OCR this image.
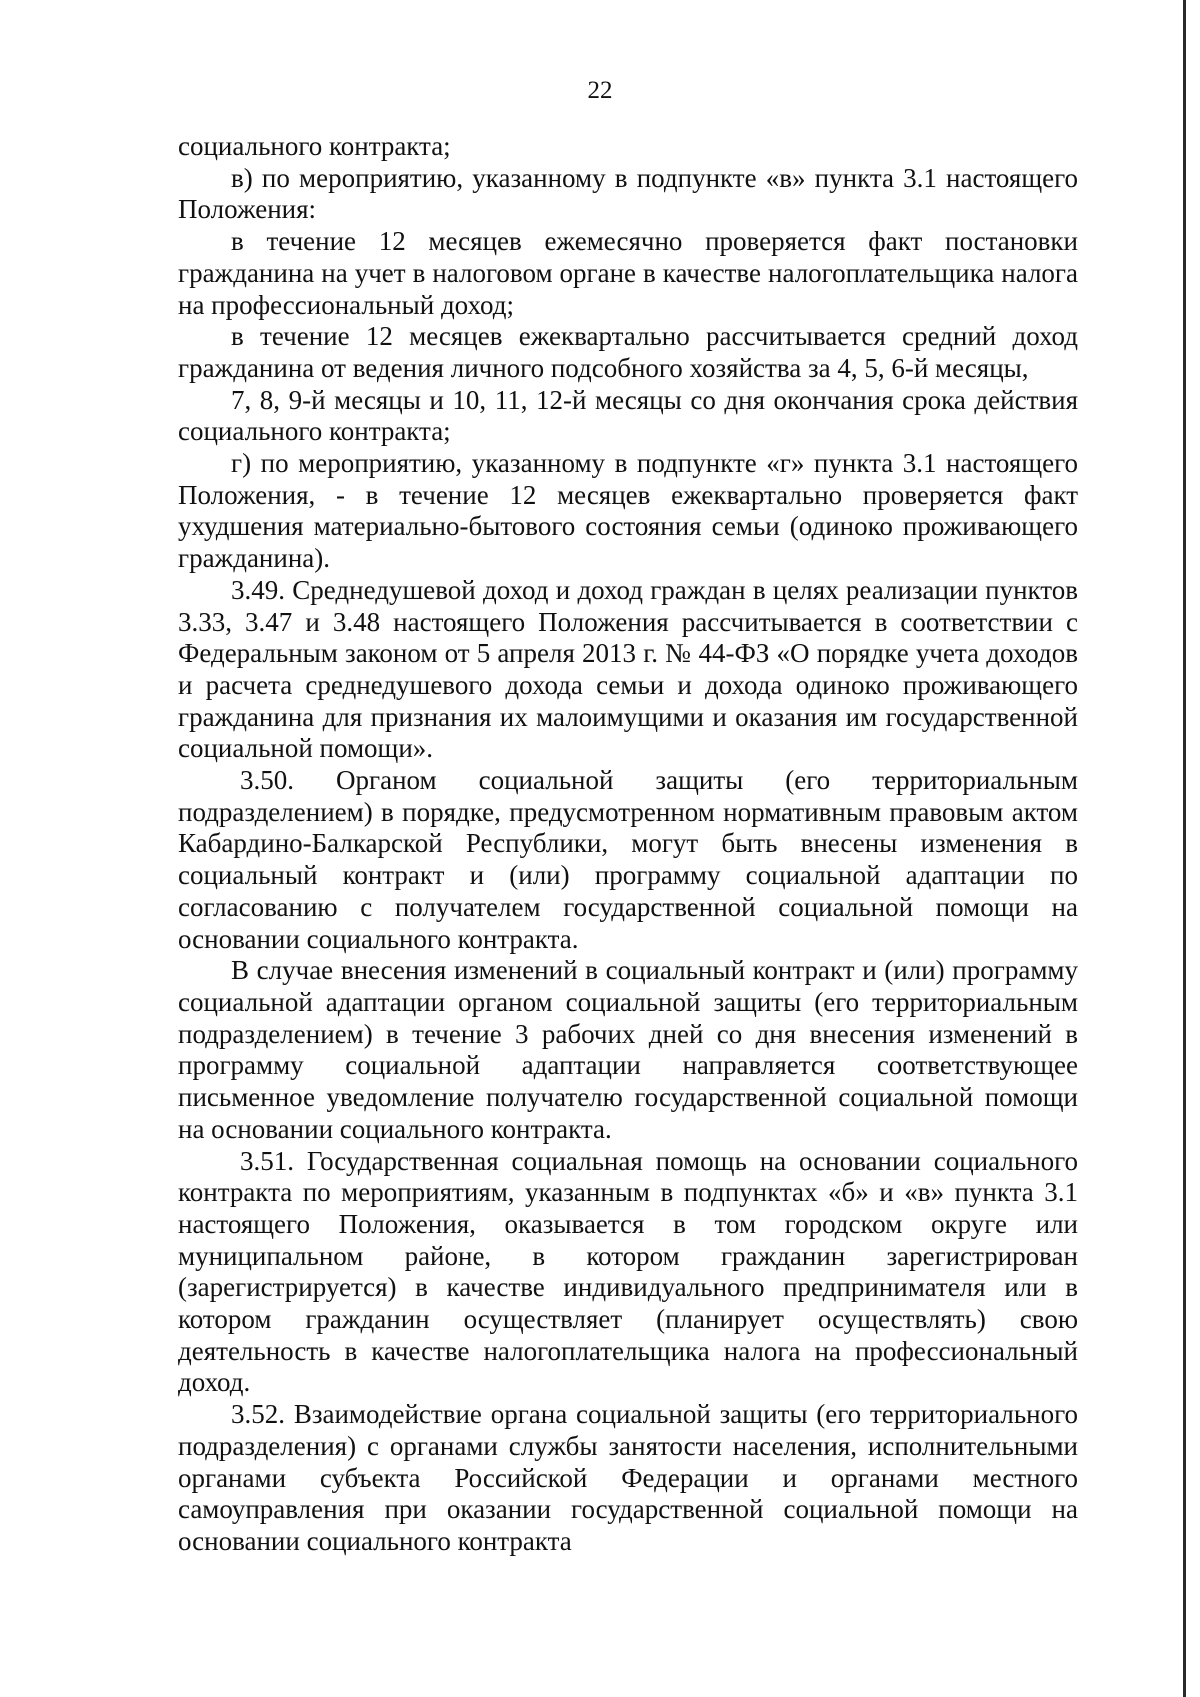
22

социального контракта;

в) по мероприятию, указанному в подпункте «в» пункта 3.1 настоящего Положения:

в течение 12 месяцев ежемесячно проверяется факт постановки гражданина на учет в налоговом органе в качестве налогоплательщика налога на профессиональный доход;

в течение 12 месяцев ежеквартально рассчитывается средний доход гражданина от ведения личного подсобного хозяйства за 4, 5, 6-й месяцы,

7, 8, 9-й месяцы и 10, 11, 12-й месяцы со дня окончания срока действия социального контракта;

г) по мероприятию, указанному в подпункте «г» пункта 3.1 настоящего Положения, - в течение 12 месяцев ежеквартально проверяется факт ухудшения материально-бытового состояния семьи (одиноко проживающего гражданина).

3.49. Среднедушевой доход и доход граждан в целях реализации пунктов 3.33, 3.47 и 3.48 настоящего Положения рассчитывается в соответствии с Федеральным законом от 5 апреля 2013 г. № 44-ФЗ «О порядке учета доходов и расчета среднедушевого дохода семьи и дохода одиноко проживающего гражданина для признания их малоимущими и оказания им государственной социальной помощи».

3.50. Органом социальной защиты (его территориальным подразделением) в порядке, предусмотренном нормативным правовым актом Кабардино-Балкарской Республики, могут быть внесены изменения в социальный контракт и (или) программу социальной адаптации по согласованию с получателем государственной социальной помощи на основании социального контракта.

В случае внесения изменений в социальный контракт и (или) программу социальной адаптации органом социальной защиты (его территориальным подразделением) в течение 3 рабочих дней со дня внесения изменений в программу социальной адаптации направляется соответствующее письменное уведомление получателю государственной социальной помощи на основании социального контракта.

3.51. Государственная социальная помощь на основании социального контракта по мероприятиям, указанным в подпунктах «б» и «в» пункта 3.1 настоящего Положения, оказывается в том городском округе или муниципальном районе, в котором гражданин зарегистрирован (зарегистрируется) в качестве индивидуального предпринимателя или в котором гражданин осуществляет (планирует осуществлять) свою деятельность в качестве налогоплательщика налога на профессиональный доход.

3.52. Взаимодействие органа социальной защиты (его территориального подразделения) с органами службы занятости населения, исполнительными органами субъекта Российской Федерации и органами местного самоуправления при оказании государственной социальной помощи на основании социального контракта
